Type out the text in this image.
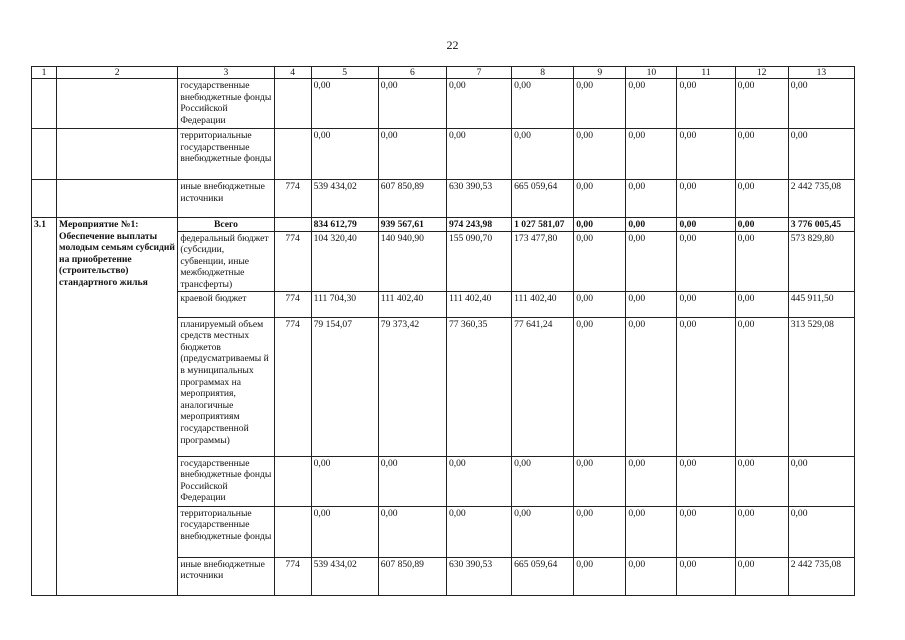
22
1	2	3	4	5	6	7	8	9	10	11	12	13
		государственные внебюджетные фонды Российской Федерации		0,00	0,00	0,00	0,00	0,00	0,00	0,00	0,00	0,00
		территориальные государственные внебюджетные фонды		0,00	0,00	0,00	0,00	0,00	0,00	0,00	0,00	0,00
		иные внебюджетные источники	774	539 434,02	607 850,89	630 390,53	665 059,64	0,00	0,00	0,00	0,00	2 442 735,08
3.1	Мероприятие №1: Обеспечение выплаты молодым семьям субсидий на приобретение (строительство) стандартного жилья	Всего		834 612,79	939 567,61	974 243,98	1 027 581,07	0,00	0,00	0,00	0,00	3 776 005,45
		федеральный бюджет (субсидии, субвенции, иные межбюджетные трансферты)	774	104 320,40	140 940,90	155 090,70	173 477,80	0,00	0,00	0,00	0,00	573 829,80
		краевой бюджет	774	111 704,30	111 402,40	111 402,40	111 402,40	0,00	0,00	0,00	0,00	445 911,50
		планируемый объем средств местных бюджетов (предусматриваемы й в муниципальных программах на мероприятия, аналогичные мероприятиям государственной программы)	774	79 154,07	79 373,42	77 360,35	77 641,24	0,00	0,00	0,00	0,00	313 529,08
		государственные внебюджетные фонды Российской Федерации		0,00	0,00	0,00	0,00	0,00	0,00	0,00	0,00	0,00
		территориальные государственные внебюджетные фонды		0,00	0,00	0,00	0,00	0,00	0,00	0,00	0,00	0,00
		иные внебюджетные источники	774	539 434,02	607 850,89	630 390,53	665 059,64	0,00	0,00	0,00	0,00	2 442 735,08
